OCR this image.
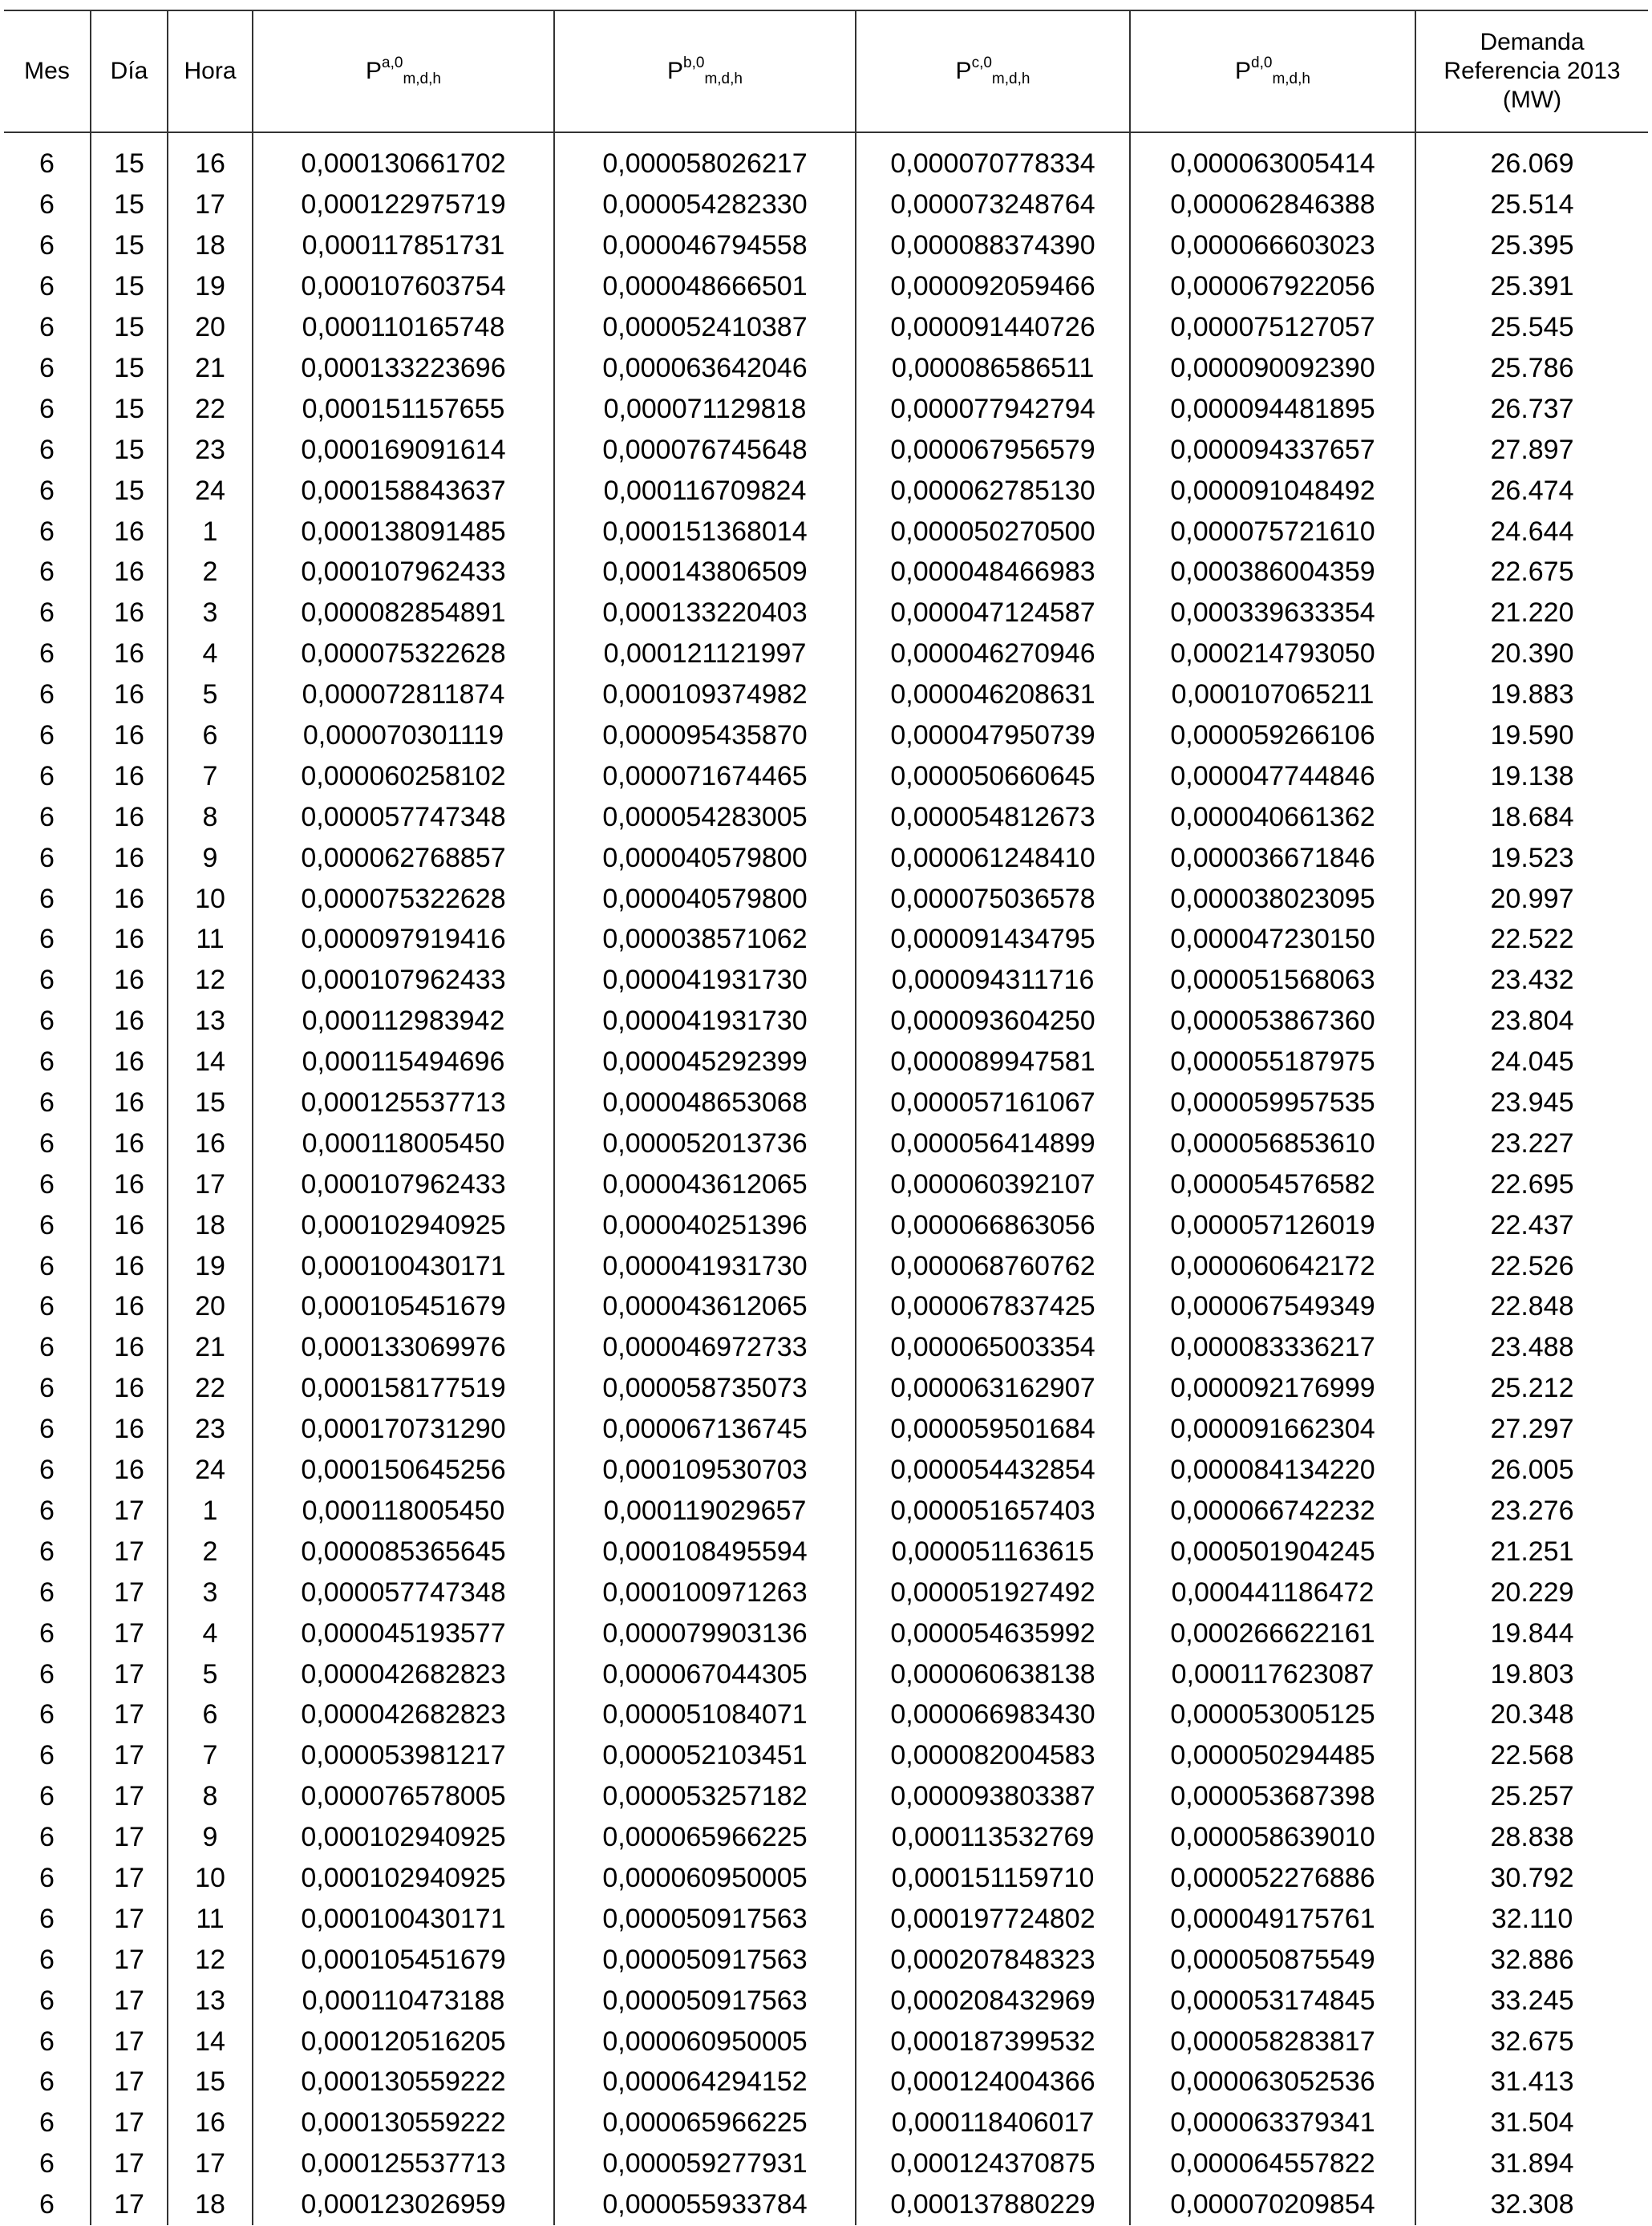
Mes	Día	Hora	P$^{a,0}_{m,d,h}$	P$^{b,0}_{m,d,h}$	P$^{c,0}_{m,d,h}$	P$^{d,0}_{m,d,h}$	Demanda
Referencia 2013
(MW)

6	15	16	0,000130661702	0,000058026217	0,000070778334	0,000063005414	26.069
6	15	17	0,000122975719	0,000054282330	0,000073248764	0,000062846388	25.514
6	15	18	0,000117851731	0,000046794558	0,000088374390	0,000066603023	25.395
6	15	19	0,000107603754	0,000048666501	0,000092059466	0,000067922056	25.391
6	15	20	0,000110165748	0,000052410387	0,000091440726	0,000075127057	25.545
6	15	21	0,000133223696	0,000063642046	0,000086586511	0,000090092390	25.786
6	15	22	0,000151157655	0,000071129818	0,000077942794	0,000094481895	26.737
6	15	23	0,000169091614	0,000076745648	0,000067956579	0,000094337657	27.897
6	15	24	0,000158843637	0,000116709824	0,000062785130	0,000091048492	26.474
6	16	1	0,000138091485	0,000151368014	0,000050270500	0,000075721610	24.644
6	16	2	0,000107962433	0,000143806509	0,000048466983	0,000386004359	22.675
6	16	3	0,000082854891	0,000133220403	0,000047124587	0,000339633354	21.220
6	16	4	0,000075322628	0,000121121997	0,000046270946	0,000214793050	20.390
6	16	5	0,000072811874	0,000109374982	0,000046208631	0,000107065211	19.883
6	16	6	0,000070301119	0,000095435870	0,000047950739	0,000059266106	19.590
6	16	7	0,000060258102	0,000071674465	0,000050660645	0,000047744846	19.138
6	16	8	0,000057747348	0,000054283005	0,000054812673	0,000040661362	18.684
6	16	9	0,000062768857	0,000040579800	0,000061248410	0,000036671846	19.523
6	16	10	0,000075322628	0,000040579800	0,000075036578	0,000038023095	20.997
6	16	11	0,000097919416	0,000038571062	0,000091434795	0,000047230150	22.522
6	16	12	0,000107962433	0,000041931730	0,000094311716	0,000051568063	23.432
6	16	13	0,000112983942	0,000041931730	0,000093604250	0,000053867360	23.804
6	16	14	0,000115494696	0,000045292399	0,000089947581	0,000055187975	24.045
6	16	15	0,000125537713	0,000048653068	0,000057161067	0,000059957535	23.945
6	16	16	0,000118005450	0,000052013736	0,000056414899	0,000056853610	23.227
6	16	17	0,000107962433	0,000043612065	0,000060392107	0,000054576582	22.695
6	16	18	0,000102940925	0,000040251396	0,000066863056	0,000057126019	22.437
6	16	19	0,000100430171	0,000041931730	0,000068760762	0,000060642172	22.526
6	16	20	0,000105451679	0,000043612065	0,000067837425	0,000067549349	22.848
6	16	21	0,000133069976	0,000046972733	0,000065003354	0,000083336217	23.488
6	16	22	0,000158177519	0,000058735073	0,000063162907	0,000092176999	25.212
6	16	23	0,000170731290	0,000067136745	0,000059501684	0,000091662304	27.297
6	16	24	0,000150645256	0,000109530703	0,000054432854	0,000084134220	26.005
6	17	1	0,000118005450	0,000119029657	0,000051657403	0,000066742232	23.276
6	17	2	0,000085365645	0,000108495594	0,000051163615	0,000501904245	21.251
6	17	3	0,000057747348	0,000100971263	0,000051927492	0,000441186472	20.229
6	17	4	0,000045193577	0,000079903136	0,000054635992	0,000266622161	19.844
6	17	5	0,000042682823	0,000067044305	0,000060638138	0,000117623087	19.803
6	17	6	0,000042682823	0,000051084071	0,000066983430	0,000053005125	20.348
6	17	7	0,000053981217	0,000052103451	0,000082004583	0,000050294485	22.568
6	17	8	0,000076578005	0,000053257182	0,000093803387	0,000053687398	25.257
6	17	9	0,000102940925	0,000065966225	0,000113532769	0,000058639010	28.838
6	17	10	0,000102940925	0,000060950005	0,000151159710	0,000052276886	30.792
6	17	11	0,000100430171	0,000050917563	0,000197724802	0,000049175761	32.110
6	17	12	0,000105451679	0,000050917563	0,000207848323	0,000050875549	32.886
6	17	13	0,000110473188	0,000050917563	0,000208432969	0,000053174845	33.245
6	17	14	0,000120516205	0,000060950005	0,000187399532	0,000058283817	32.675
6	17	15	0,000130559222	0,000064294152	0,000124004366	0,000063052536	31.413
6	17	16	0,000130559222	0,000065966225	0,000118406017	0,000063379341	31.504
6	17	17	0,000125537713	0,000059277931	0,000124370875	0,000064557822	31.894
6	17	18	0,000123026959	0,000055933784	0,000137880229	0,000070209854	32.308
